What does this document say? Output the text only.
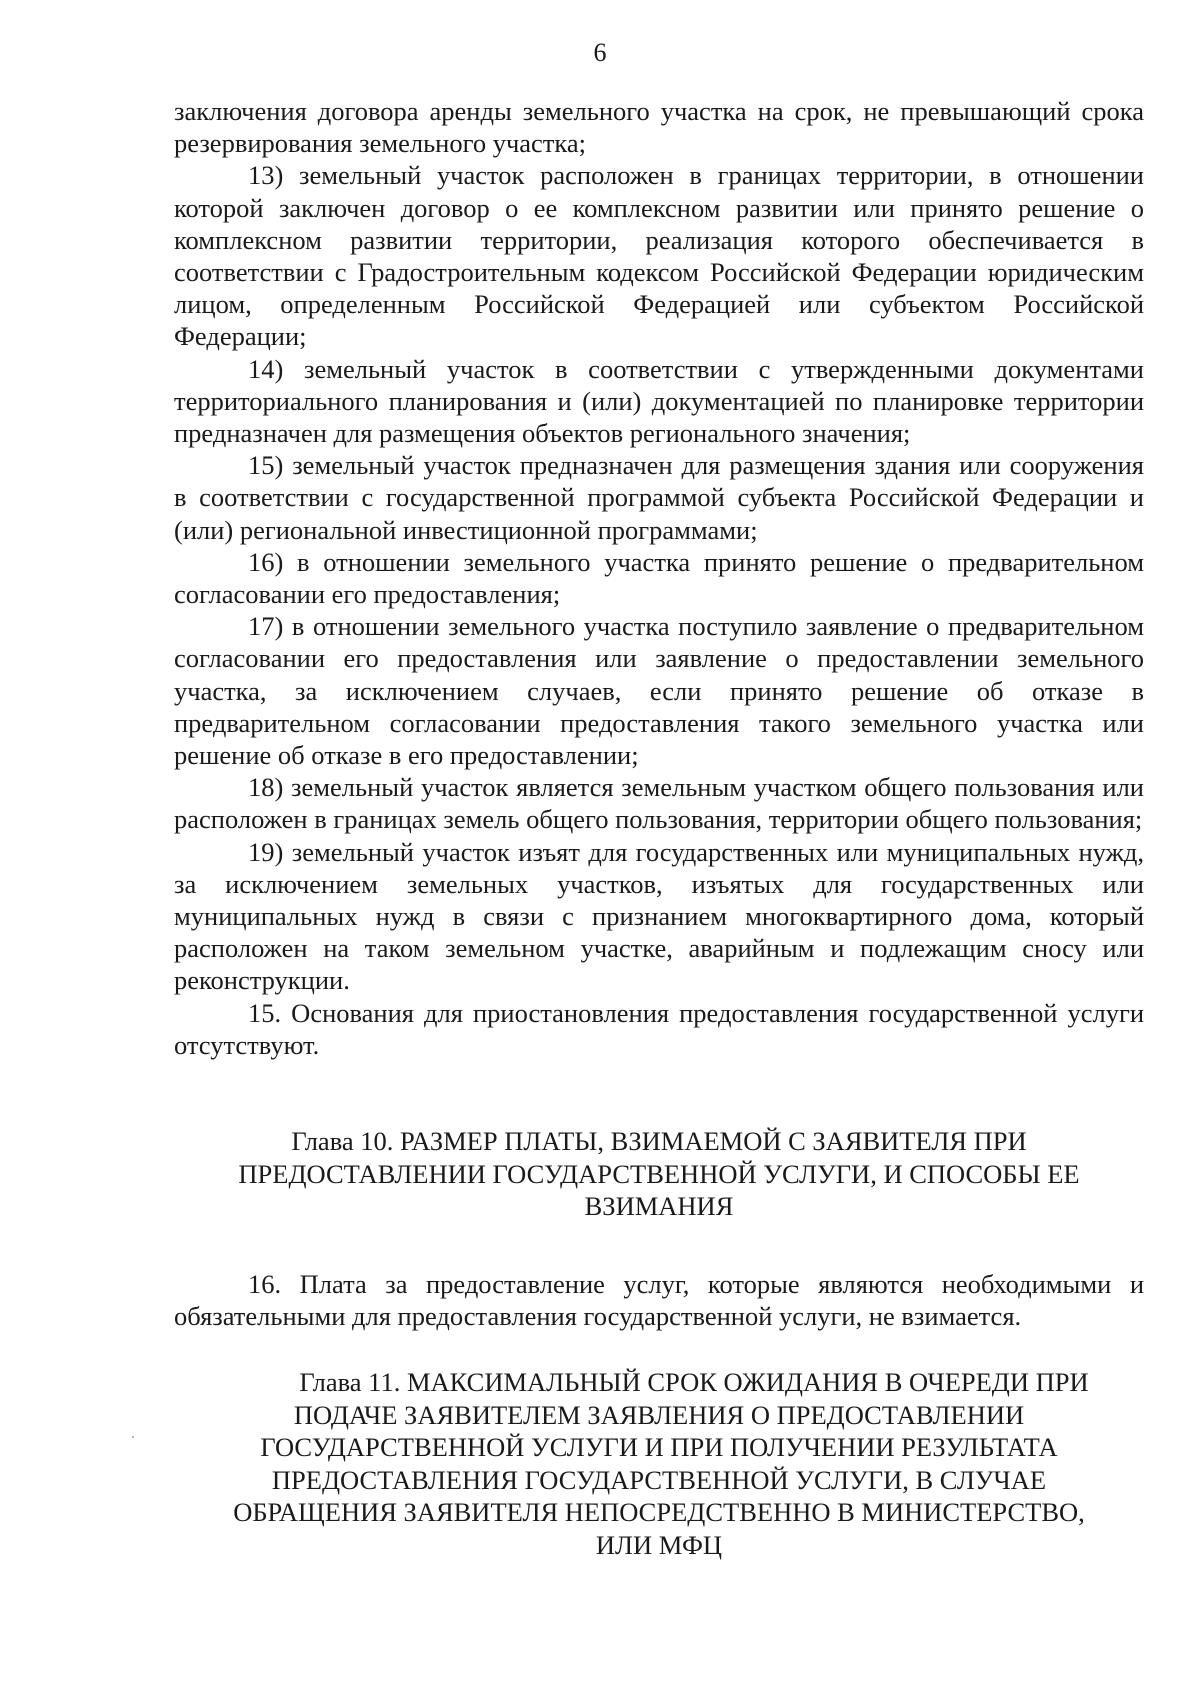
6

заключения договора аренды земельного участка на срок, не превышающий срока резервирования земельного участка;

13) земельный участок расположен в границах территории, в отношении которой заключен договор о ее комплексном развитии или принято решение о комплексном развитии территории, реализация которого обеспечивается в соответствии с Градостроительным кодексом Российской Федерации юридическим лицом, определенным Российской Федерацией или субъектом Российской Федерации;

14) земельный участок в соответствии с утвержденными документами территориального планирования и (или) документацией по планировке территории предназначен для размещения объектов регионального значения;

15) земельный участок предназначен для размещения здания или сооружения в соответствии с государственной программой субъекта Российской Федерации и (или) региональной инвестиционной программами;

16) в отношении земельного участка принято решение о предварительном согласовании его предоставления;

17) в отношении земельного участка поступило заявление о предварительном согласовании его предоставления или заявление о предоставлении земельного участка, за исключением случаев, если принято решение об отказе в предварительном согласовании предоставления такого земельного участка или решение об отказе в его предоставлении;

18) земельный участок является земельным участком общего пользования или расположен в границах земель общего пользования, территории общего пользования;

19) земельный участок изъят для государственных или муниципальных нужд, за исключением земельных участков, изъятых для государственных или муниципальных нужд в связи с признанием многоквартирного дома, который расположен на таком земельном участке, аварийным и подлежащим сносу или реконструкции.

15. Основания для приостановления предоставления государственной услуги отсутствуют.

Глава 10. РАЗМЕР ПЛАТЫ, ВЗИМАЕМОЙ С ЗАЯВИТЕЛЯ ПРИ
ПРЕДОСТАВЛЕНИИ ГОСУДАРСТВЕННОЙ УСЛУГИ, И СПОСОБЫ ЕЕ
ВЗИМАНИЯ

16. Плата за предоставление услуг, которые являются необходимыми и обязательными для предоставления государственной услуги, не взимается.

Глава 11. МАКСИМАЛЬНЫЙ СРОК ОЖИДАНИЯ В ОЧЕРЕДИ ПРИ
ПОДАЧЕ ЗАЯВИТЕЛЕМ ЗАЯВЛЕНИЯ О ПРЕДОСТАВЛЕНИИ
ГОСУДАРСТВЕННОЙ УСЛУГИ И ПРИ ПОЛУЧЕНИИ РЕЗУЛЬТАТА
ПРЕДОСТАВЛЕНИЯ ГОСУДАРСТВЕННОЙ УСЛУГИ, В СЛУЧАЕ
ОБРАЩЕНИЯ ЗАЯВИТЕЛЯ НЕПОСРЕДСТВЕННО В МИНИСТЕРСТВО,
ИЛИ МФЦ
